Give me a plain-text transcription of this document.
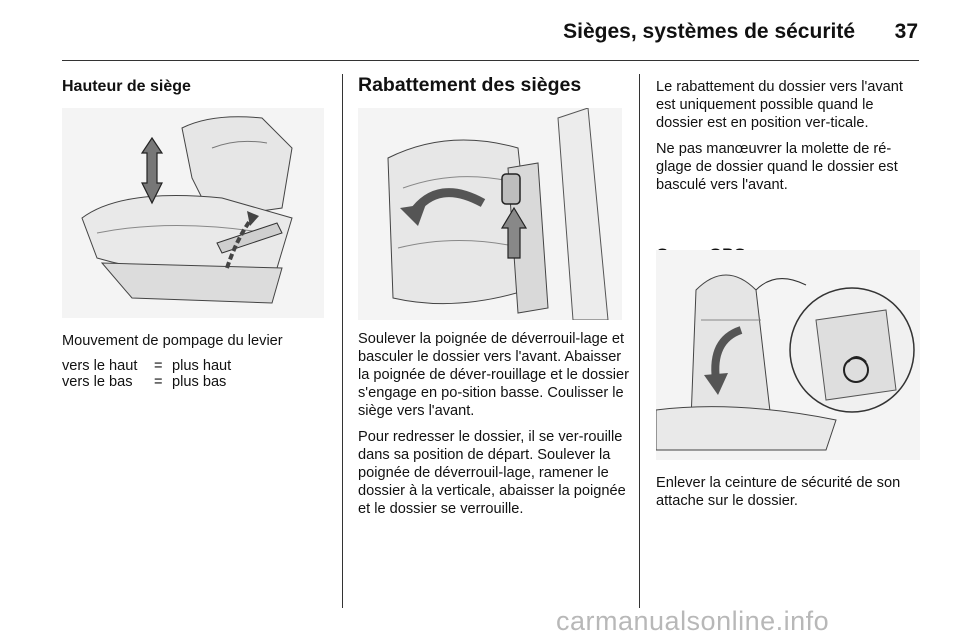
Sièges, systèmes de sécurité	37
Hauteur de siège

Mouvement de pompage du levier

vers le haut	=	plus haut
vers le bas	=	plus bas
Rabattement des sièges

Soulever la poignée de déverrouil-lage et basculer le dossier vers l'avant. Abaisser la poignée de déver-rouillage et le dossier s'engage en po-sition basse. Coulisser le siège vers l'avant.

Pour redresser le dossier, il se ver-rouille dans sa position de départ. Soulever la poignée de déverrouil-lage, ramener le dossier à la verticale, abaisser la poignée et le dossier se verrouille.

Le rabattement du dossier vers l'avant est uniquement possible quand le dossier est en position ver-ticale.

Ne pas manœuvrer la molette de ré-glage de dossier quand le dossier est basculé vers l'avant.

Enlever la ceinture de sécurité de son attache sur le dossier.

carmanualsonline.info
